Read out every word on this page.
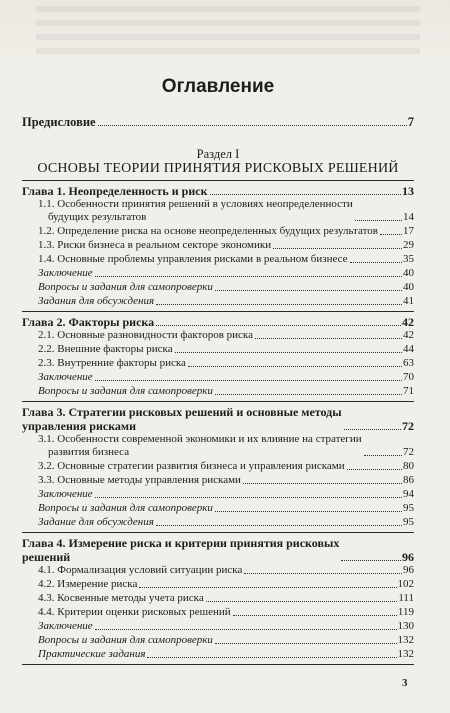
Оглавление
Предисловие	7
Раздел I
ОСНОВЫ ТЕОРИИ ПРИНЯТИЯ РИСКОВЫХ РЕШЕНИЙ
Глава 1. Неопределенность и риск	13
1.1. Особенности принятия решений в условиях неопределенности
будущих результатов	14
1.2. Определение риска на основе неопределенных будущих результатов 17
1.3. Риски бизнеса в реальном секторе экономики	29
1.4. Основные проблемы управления рисками в реальном бизнесе	35
Заключение	40
Вопросы и задания для самопроверки	40
Задания для обсуждения	41
Глава 2. Факторы риска	42
2.1. Основные разновидности факторов риска	42
2.2. Внешние факторы риска	44
2.3. Внутренние факторы риска	63
Заключение	70
Вопросы и задания для самопроверки	71
Глава 3. Стратегии рисковых решений и основные методы
управления рисками	72
3.1. Особенности современной экономики и их влияние на стратегии
развития бизнеса	72
3.2. Основные стратегии развития бизнеса и управления рисками	80
3.3. Основные методы управления рисками	86
Заключение	94
Вопросы и задания для самопроверки	95
Задание для обсуждения	95
Глава 4. Измерение риска и критерии принятия рисковых
решений	96
4.1. Формализация условий ситуации риска	96
4.2. Измерение риска	102
4.3. Косвенные методы учета риска	111
4.4. Критерии оценки рисковых решений	119
Заключение	130
Вопросы и задания для самопроверки	132
Практические задания	132
3
